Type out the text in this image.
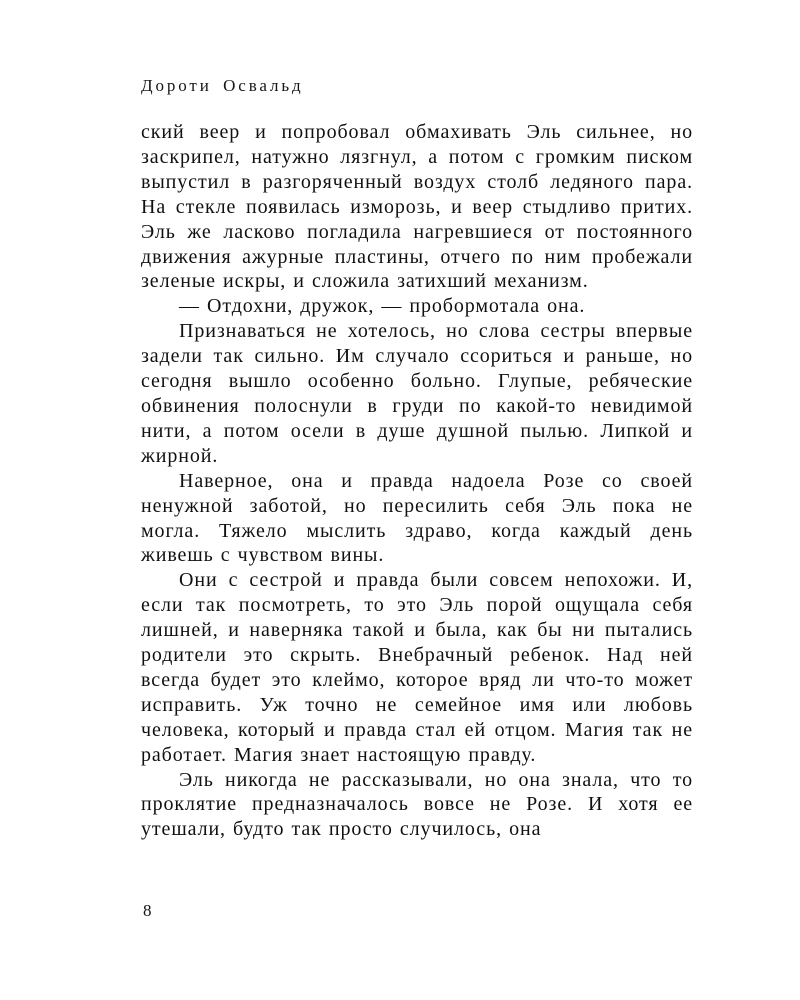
Дороти Освальд

ский веер и попробовал обмахивать Эль сильнее, но заскрипел, натужно лязгнул, а потом с громким писком выпустил в разгоряченный воздух столб ледяного пара. На стекле появилась изморозь, и веер стыдливо притих. Эль же ласково погладила нагревшиеся от постоянного движения ажурные пластины, отчего по ним пробежали зеленые искры, и сложила затихший механизм.

— Отдохни, дружок, — пробормотала она.

Признаваться не хотелось, но слова сестры впервые задели так сильно. Им случало ссориться и раньше, но сегодня вышло особенно больно. Глупые, ребяческие обвинения полоснули в груди по какой-то невидимой нити, а потом осели в душе душной пылью. Липкой и жирной.

Наверное, она и правда надоела Розе со своей ненужной заботой, но пересилить себя Эль пока не могла. Тяжело мыслить здраво, когда каждый день живешь с чувством вины.

Они с сестрой и правда были совсем непохожи. И, если так посмотреть, то это Эль порой ощущала себя лишней, и наверняка такой и была, как бы ни пытались родители это скрыть. Внебрачный ребенок. Над ней всегда будет это клеймо, которое вряд ли что-то может исправить. Уж точно не семейное имя или любовь человека, который и правда стал ей отцом. Магия так не работает. Магия знает настоящую правду.

Эль никогда не рассказывали, но она знала, что то проклятие предназначалось вовсе не Розе. И хотя ее утешали, будто так просто случилось, она

8
